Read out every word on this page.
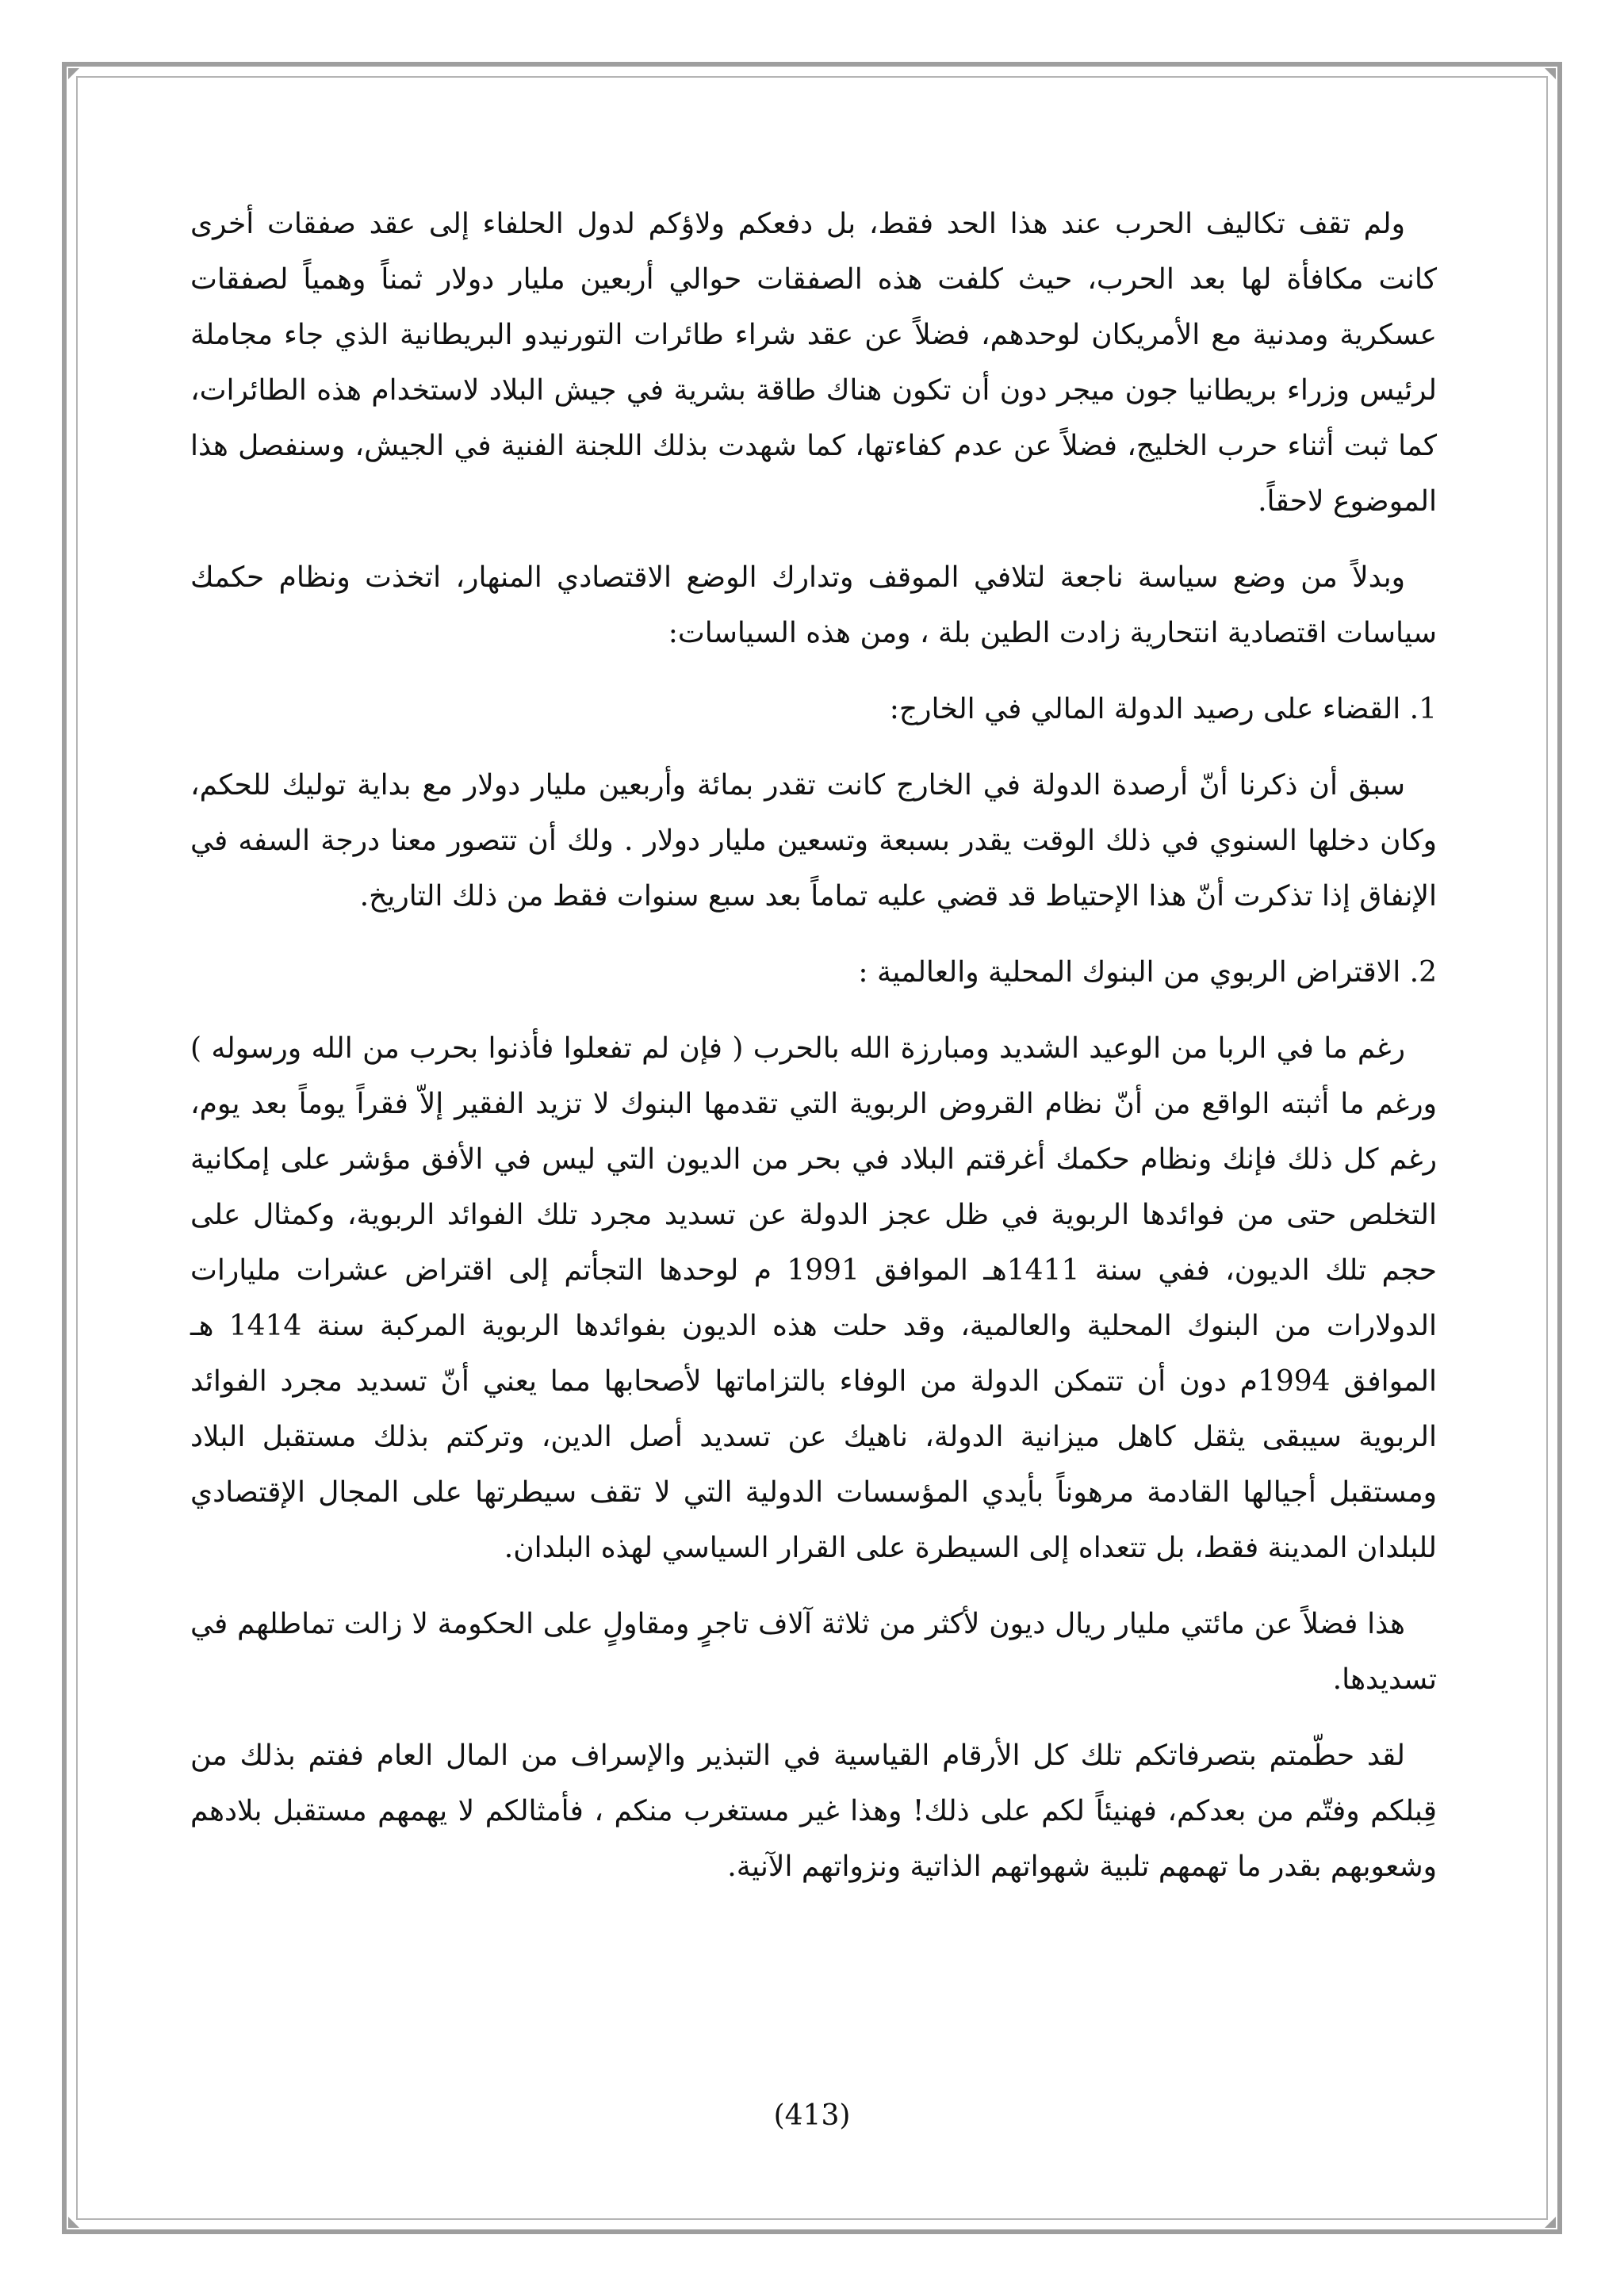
ولم تقف تكاليف الحرب عند هذا الحد فقط، بل دفعكم ولاؤكم لدول الحلفاء إلى عقد صفقات أخرى كانت مكافأة لها بعد الحرب، حيث كلفت هذه الصفقات حوالي أربعين مليار دولار ثمناً وهمياً لصفقات عسكرية ومدنية مع الأمريكان لوحدهم، فضلاً عن عقد شراء طائرات التورنيدو البريطانية الذي جاء مجاملة لرئيس وزراء بريطانيا جون ميجر دون أن تكون هناك طاقة بشرية في جيش البلاد لاستخدام هذه الطائرات، كما ثبت أثناء حرب الخليج، فضلاً عن عدم كفاءتها، كما شهدت بذلك اللجنة الفنية في الجيش، وسنفصل هذا الموضوع لاحقاً.

وبدلاً من وضع سياسة ناجعة لتلافي الموقف وتدارك الوضع الاقتصادي المنهار، اتخذت ونظام حكمك سياسات اقتصادية انتحارية زادت الطين بلة ، ومن هذه السياسات:

1. القضاء على رصيد الدولة المالي في الخارج:

سبق أن ذكرنا أنّ أرصدة الدولة في الخارج كانت تقدر بمائة وأربعين مليار دولار مع بداية توليك للحكم، وكان دخلها السنوي في ذلك الوقت يقدر بسبعة وتسعين مليار دولار . ولك أن تتصور معنا درجة السفه في الإنفاق إذا تذكرت أنّ هذا الإحتياط قد قضي عليه تماماً بعد سبع سنوات فقط من ذلك التاريخ.

2. الاقتراض الربوي من البنوك المحلية والعالمية :

رغم ما في الربا من الوعيد الشديد ومبارزة الله بالحرب ( فإن لم تفعلوا فأذنوا بحرب من الله ورسوله ) ورغم ما أثبته الواقع من أنّ نظام القروض الربوية التي تقدمها البنوك لا تزيد الفقير إلاّ فقراً يوماً بعد يوم، رغم كل ذلك فإنك ونظام حكمك أغرقتم البلاد في بحر من الديون التي ليس في الأفق مؤشر على إمكانية التخلص حتى من فوائدها الربوية في ظل عجز الدولة عن تسديد مجرد تلك الفوائد الربوية، وكمثال على حجم تلك الديون، ففي سنة 1411هـ الموافق 1991 م لوحدها التجأتم إلى اقتراض عشرات مليارات الدولارات من البنوك المحلية والعالمية، وقد حلت هذه الديون بفوائدها الربوية المركبة سنة 1414 هـ الموافق 1994م دون أن تتمكن الدولة من الوفاء بالتزاماتها لأصحابها مما يعني أنّ تسديد مجرد الفوائد الربوية سيبقى يثقل كاهل ميزانية الدولة، ناهيك عن تسديد أصل الدين، وتركتم بذلك مستقبل البلاد ومستقبل أجيالها القادمة مرهوناً بأيدي المؤسسات الدولية التي لا تقف سيطرتها على المجال الإقتصادي للبلدان المدينة فقط، بل تتعداه إلى السيطرة على القرار السياسي لهذه البلدان.

هذا فضلاً عن مائتي مليار ريال ديون لأكثر من ثلاثة آلاف تاجرٍ ومقاولٍ على الحكومة لا زالت تماطلهم في تسديدها.

لقد حطّمتم بتصرفاتكم تلك كل الأرقام القياسية في التبذير والإسراف من المال العام ففتم بذلك من قِبلكم وفتّم من بعدكم، فهنيئاً لكم على ذلك! وهذا غير مستغرب منكم ، فأمثالكم لا يهمهم مستقبل بلادهم وشعوبهم بقدر ما تهمهم تلبية شهواتهم الذاتية ونزواتهم الآنية.

(413)
